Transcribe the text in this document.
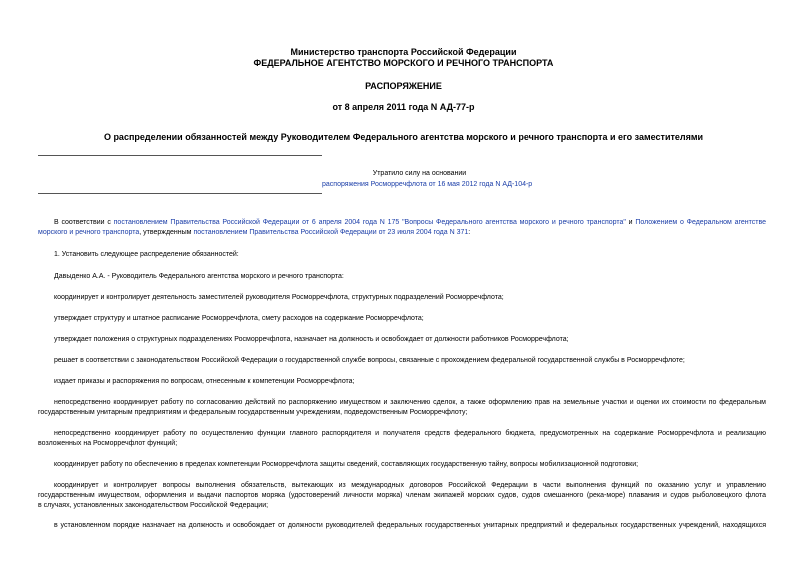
Министерство транспорта Российской Федерации
ФЕДЕРАЛЬНОЕ АГЕНТСТВО МОРСКОГО И РЕЧНОГО ТРАНСПОРТА
РАСПОРЯЖЕНИЕ
от 8 апреля 2011 года N АД-77-р
О распределении обязанностей между Руководителем Федерального агентства морского и речного транспорта и его заместителями
Утратило силу на основании
распоряжения Росморречфлота от 16 мая 2012 года N АД-104-р
В соответствии с постановлением Правительства Российской Федерации от 6 апреля 2004 года N 175 "Вопросы Федерального агентства морского и речного транспорта" и Положением о Федеральном агентстве
морского и речного транспорта, утвержденным постановлением Правительства Российской Федерации от 23 июля 2004 года N 371:
1. Установить следующее распределение обязанностей:
Давыденко А.А. - Руководитель Федерального агентства морского и речного транспорта:
координирует и контролирует деятельность заместителей руководителя Росморречфлота, структурных подразделений Росморречфлота;
утверждает структуру и штатное расписание Росморречфлота, смету расходов на содержание Росморречфлота;
утверждает положения о структурных подразделениях Росморречфлота, назначает на должность и освобождает от должности работников Росморречфлота;
решает в соответствии с законодательством Российской Федерации о государственной службе вопросы, связанные с прохождением федеральной государственной службы в Росморречфлоте;
издает приказы и распоряжения по вопросам, отнесенным к компетенции Росморречфлота;
непосредственно координирует работу по согласованию действий по распоряжению имуществом и заключению сделок, а также оформлению прав на земельные участки и оценки их стоимости по федеральным
государственным унитарным предприятиям и федеральным государственным учреждениям, подведомственным Росморречфлоту;
непосредственно координирует работу по осуществлению функции главного распорядителя и получателя средств федерального бюджета, предусмотренных на содержание Росморречфлота и реализацию
возложенных на Росморречфлот функций;
координирует работу по обеспечению в пределах компетенции Росморречфлота защиты сведений, составляющих государственную тайну, вопросы мобилизационной подготовки;
координирует и контролирует вопросы выполнения обязательств, вытекающих из международных договоров Российской Федерации в части выполнения функций по оказанию услуг и управлению
государственным имуществом, оформления и выдачи паспортов моряка (удостоверений личности моряка) членам экипажей морских судов, судов смешанного (река-море) плавания и судов рыболовецкого флота
в случаях, установленных законодательством Российской Федерации;
в установленном порядке назначает на должность и освобождает от должности руководителей федеральных государственных унитарных предприятий и федеральных государственных учреждений, находящихся
